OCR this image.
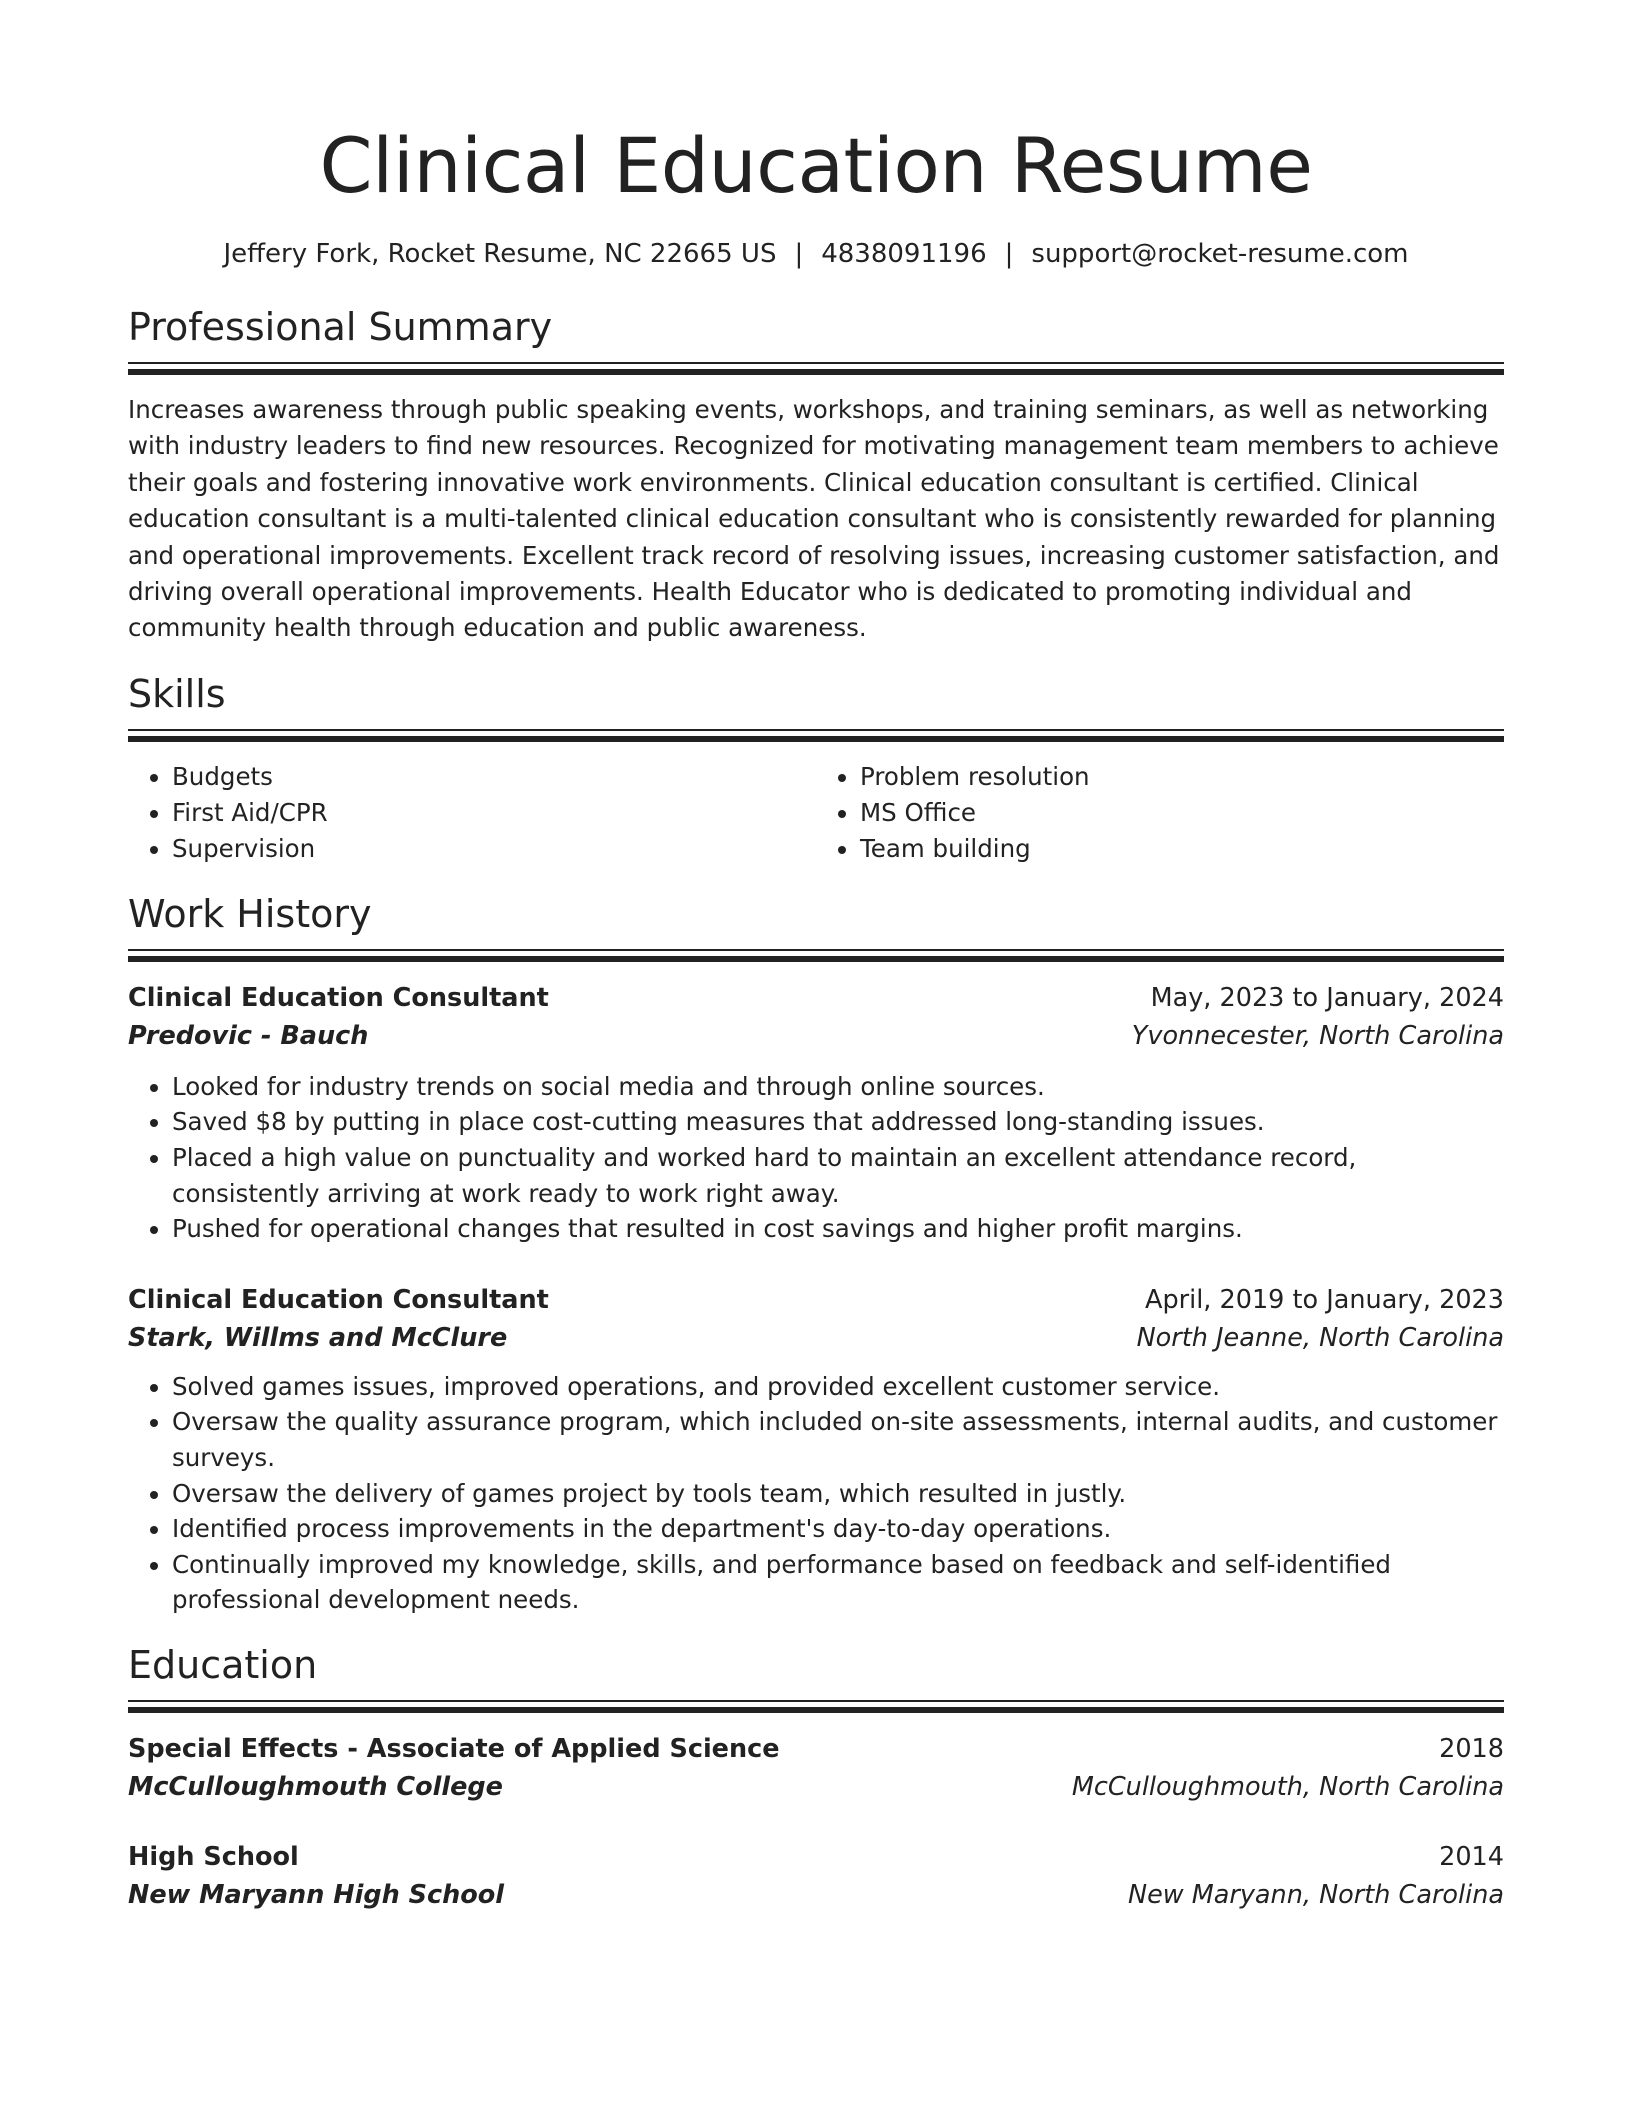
Clinical Education Resume
Jeffery Fork, Rocket Resume, NC 22665 US | 4838091196 | support@rocket-resume.com
Professional Summary
Increases awareness through public speaking events, workshops, and training seminars, as well as networking with industry leaders to find new resources. Recognized for motivating management team members to achieve their goals and fostering innovative work environments. Clinical education consultant is certified. Clinical education consultant is a multi-talented clinical education consultant who is consistently rewarded for planning and operational improvements. Excellent track record of resolving issues, increasing customer satisfaction, and driving overall operational improvements. Health Educator who is dedicated to promoting individual and community health through education and public awareness.
Skills
• Budgets
• First Aid/CPR
• Supervision
• Problem resolution
• MS Office
• Team building
Work History
Clinical Education Consultant	May, 2023 to January, 2024
Predovic - Bauch	Yvonnecester, North Carolina
• Looked for industry trends on social media and through online sources.
• Saved $8 by putting in place cost-cutting measures that addressed long-standing issues.
• Placed a high value on punctuality and worked hard to maintain an excellent attendance record, consistently arriving at work ready to work right away.
• Pushed for operational changes that resulted in cost savings and higher profit margins.
Clinical Education Consultant	April, 2019 to January, 2023
Stark, Willms and McClure	North Jeanne, North Carolina
• Solved games issues, improved operations, and provided excellent customer service.
• Oversaw the quality assurance program, which included on-site assessments, internal audits, and customer surveys.
• Oversaw the delivery of games project by tools team, which resulted in justly.
• Identified process improvements in the department's day-to-day operations.
• Continually improved my knowledge, skills, and performance based on feedback and self-identified professional development needs.
Education
Special Effects - Associate of Applied Science	2018
McCulloughmouth College	McCulloughmouth, North Carolina
High School	2014
New Maryann High School	New Maryann, North Carolina
